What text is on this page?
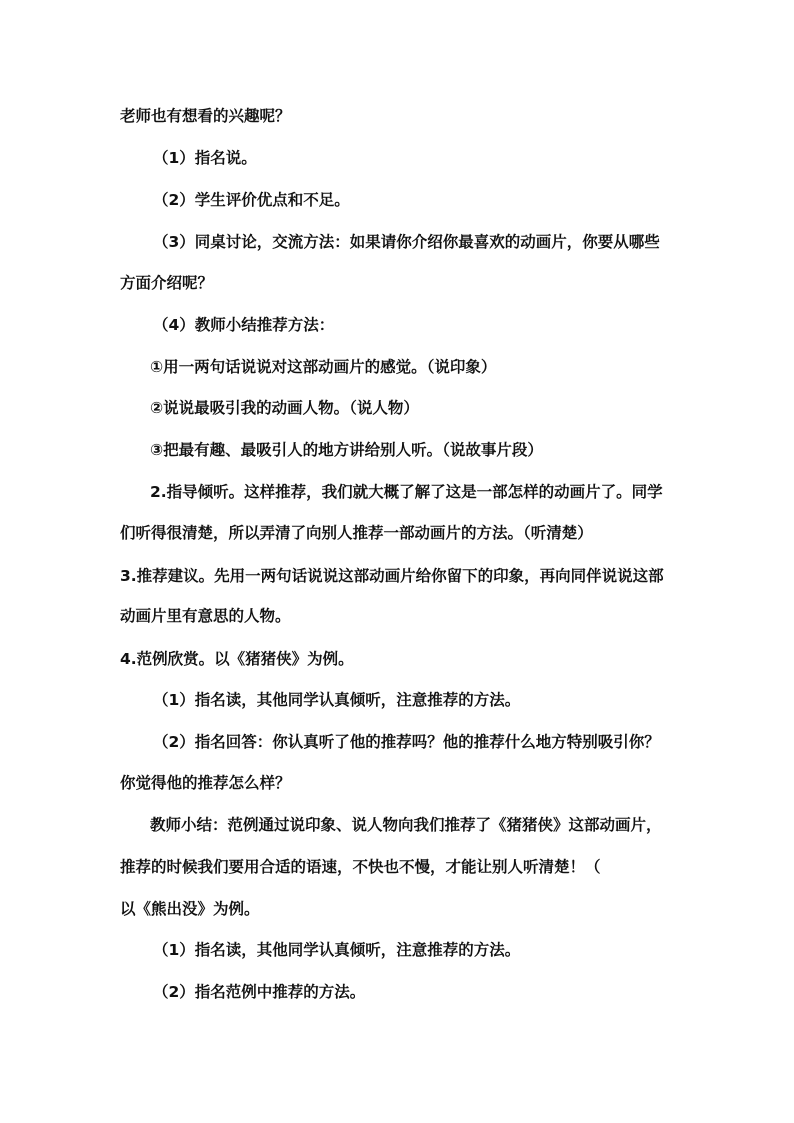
老师也有想看的兴趣呢？
（1）指名说。
（2）学生评价优点和不足。
（3）同桌讨论，交流方法：如果请你介绍你最喜欢的动画片，你要从哪些
方面介绍呢？
（4）教师小结推荐方法：
①用一两句话说说对这部动画片的感觉。（说印象）
②说说最吸引我的动画人物。（说人物）
③把最有趣、最吸引人的地方讲给别人听。（说故事片段）
2.指导倾听。这样推荐，我们就大概了解了这是一部怎样的动画片了。同学
们听得很清楚，所以弄清了向别人推荐一部动画片的方法。（听清楚）
3.推荐建议。先用一两句话说说这部动画片给你留下的印象，再向同伴说说这部
动画片里有意思的人物。
4.范例欣赏。以《猪猪侠》为例。
（1）指名读，其他同学认真倾听，注意推荐的方法。
（2）指名回答：你认真听了他的推荐吗？他的推荐什么地方特别吸引你？
你觉得他的推荐怎么样？
教师小结：范例通过说印象、说人物向我们推荐了《猪猪侠》这部动画片，
推荐的时候我们要用合适的语速，不快也不慢，才能让别人听清楚！（
以《熊出没》为例。
（1）指名读，其他同学认真倾听，注意推荐的方法。
（2）指名范例中推荐的方法。
